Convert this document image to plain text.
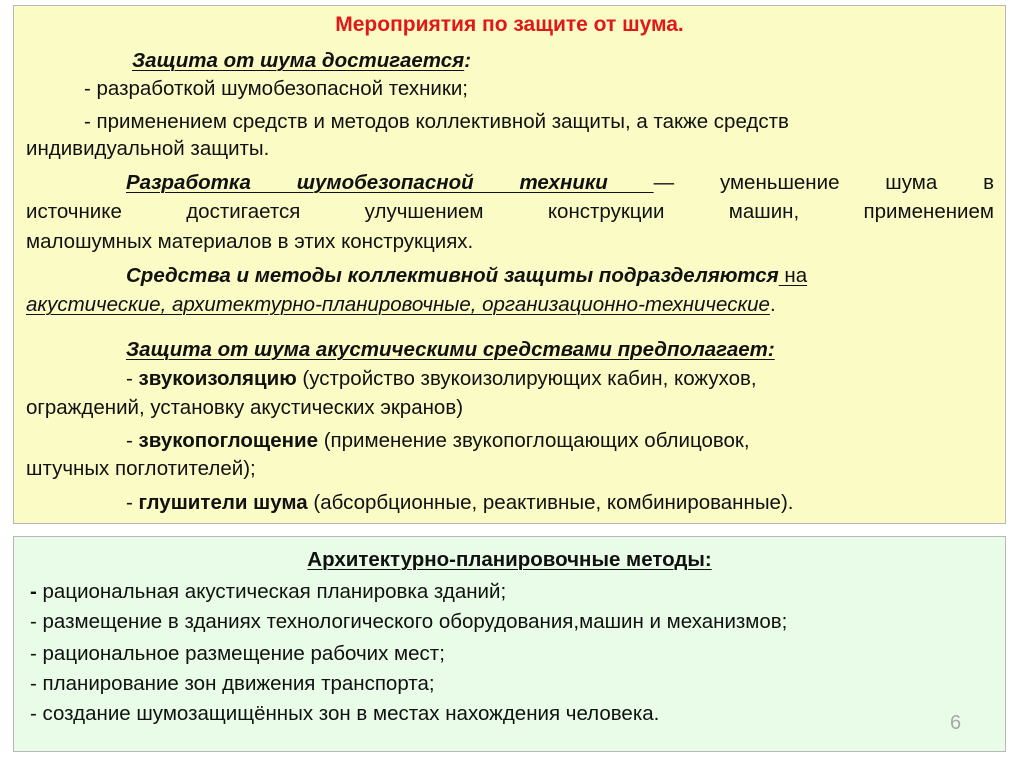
Мероприятия по защите от шума.
Защита от шума достигается:
- разработкой шумобезопасной техники;
- применением средств и методов коллективной защиты, а также средств
индивидуальной защиты.
Разработка шумобезопасной техники — уменьшение шума в
источнике достигается улучшением конструкции машин, применением
малошумных материалов в этих конструкциях.
Средства и методы коллективной защиты подразделяются на
акустические, архитектурно-планировочные, организационно-технические.
Защита от шума акустическими средствами предполагает:
- звукоизоляцию (устройство звукоизолирующих кабин, кожухов,
ограждений, установку акустических экранов)
- звукопоглощение (применение звукопоглощающих облицовок,
штучных поглотителей);
- глушители шума (абсорбционные, реактивные, комбинированные).
Архитектурно-планировочные методы:
- рациональная акустическая планировка зданий;
- размещение в зданиях технологического оборудования,машин и механизмов;
- рациональное размещение рабочих мест;
- планирование зон движения транспорта;
- создание шумозащищённых зон в местах нахождения человека.	6
